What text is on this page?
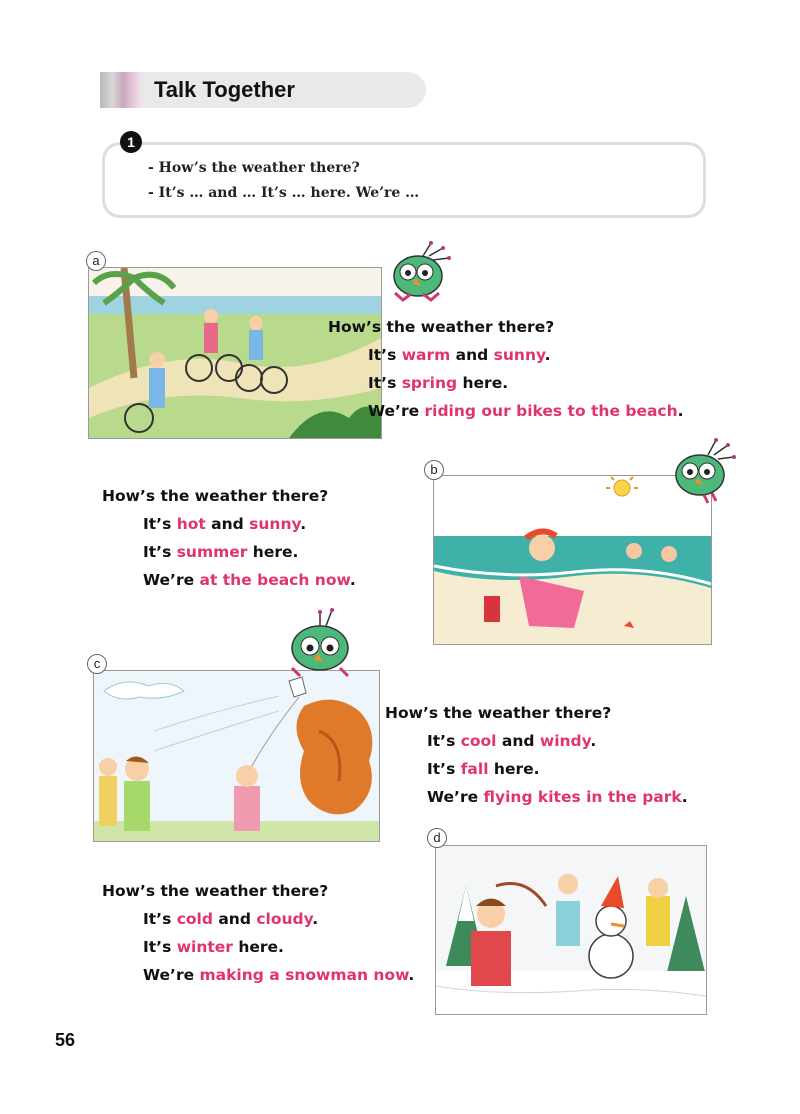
Talk Together
1
- How’s the weather there?
- It’s … and … It’s … here. We’re …
a
How’s the weather there?
It’s warm and sunny.
It’s spring here.
We’re riding our bikes to the beach.
b
How’s the weather there?
It’s hot and sunny.
It’s summer here.
We’re at the beach now.
c
How’s the weather there?
It’s cool and windy.
It’s fall here.
We’re flying kites in the park.
d
How’s the weather there?
It’s cold and cloudy.
It’s winter here.
We’re making a snowman now.
56
